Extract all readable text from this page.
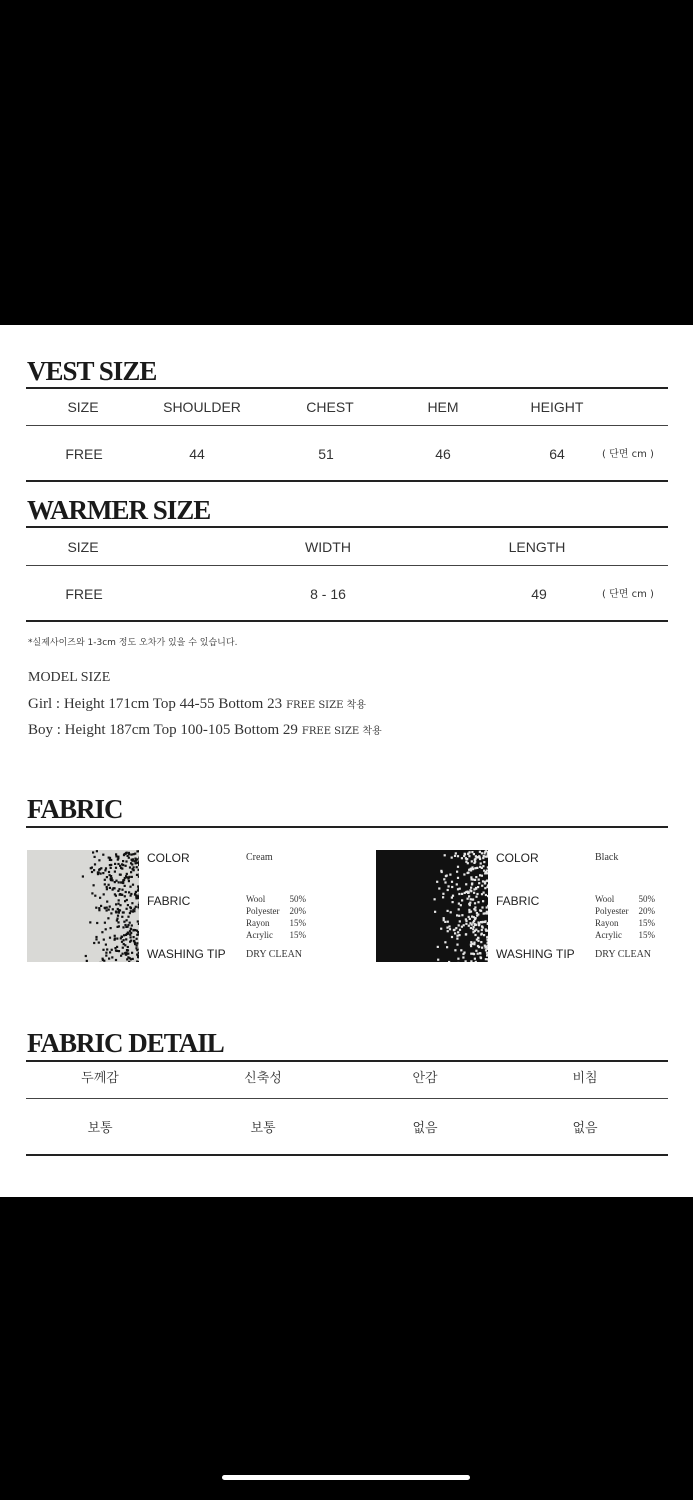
VEST SIZE
SIZE	SHOULDER	CHEST	HEM	HEIGHT
FREE	44	51	46	64	( 단면 cm )
WARMER SIZE
SIZE	WIDTH	LENGTH
FREE	8 - 16	49	( 단면 cm )
*실제사이즈와 1-3cm 정도 오차가 있을 수 있습니다.
MODEL SIZE
Girl : Height 171cm Top 44-55 Bottom 23 FREE SIZE 착용
Boy : Height 187cm Top 100-105 Bottom 29 FREE SIZE 착용
FABRIC
COLOR	Cream
FABRIC	Wool	50%
Polyester 20%
Rayon 15%
Acrylic 15%
WASHING TIP DRY CLEAN
COLOR	Black
FABRIC	Wool	50%
Polyester 20%
Rayon 15%
Acrylic 15%
WASHING TIP DRY CLEAN
FABRIC DETAIL
두께감	신축성	안감	비침
보통	보통	없음	없음
